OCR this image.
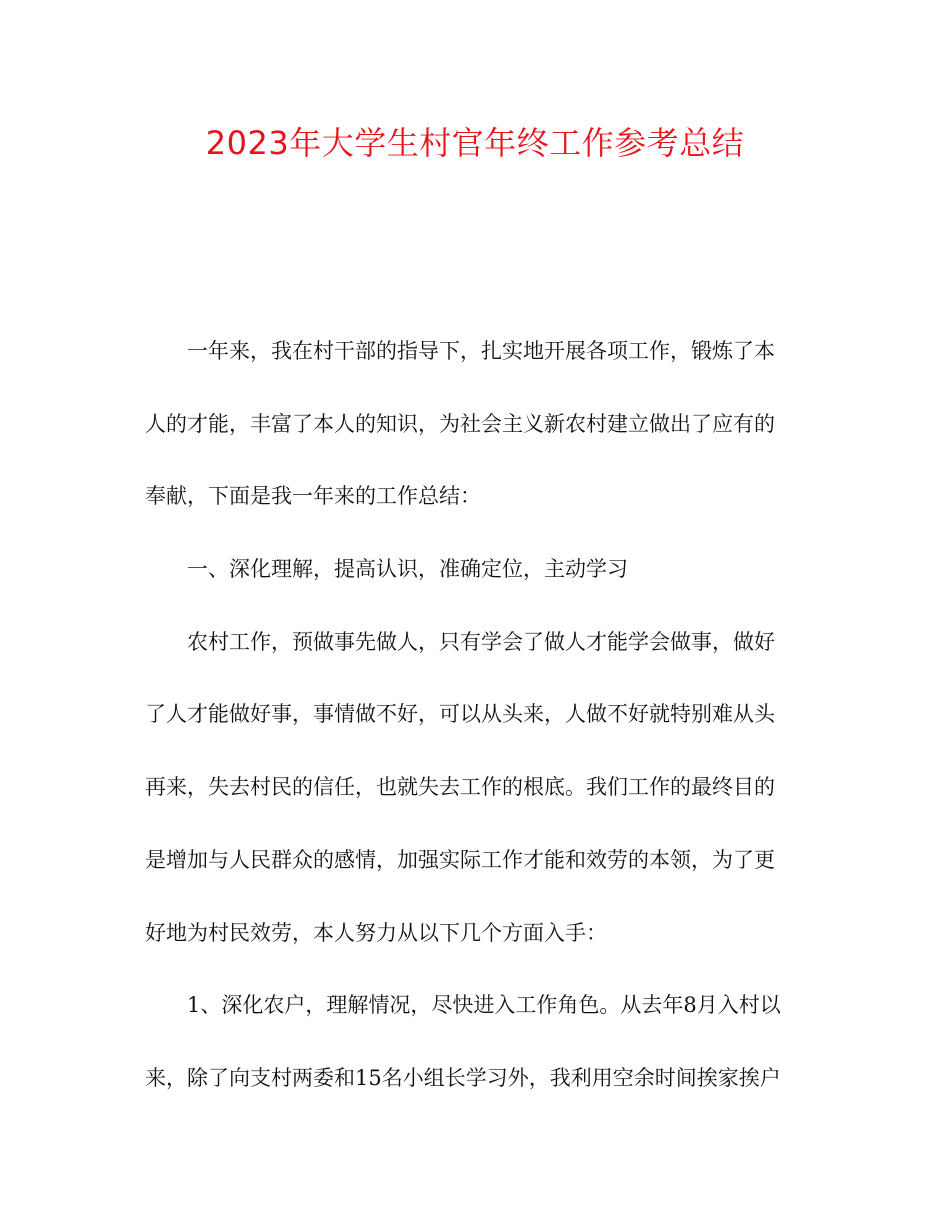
2023年大学生村官年终工作参考总结
一年来，我在村干部的指导下，扎实地开展各项工作，锻炼了本
人的才能，丰富了本人的知识，为社会主义新农村建立做出了应有的
奉献，下面是我一年来的工作总结：
一、深化理解，提高认识，准确定位，主动学习
农村工作，预做事先做人，只有学会了做人才能学会做事，做好
了人才能做好事，事情做不好，可以从头来，人做不好就特别难从头
再来，失去村民的信任，也就失去工作的根底。我们工作的最终目的
是增加与人民群众的感情，加强实际工作才能和效劳的本领，为了更
好地为村民效劳，本人努力从以下几个方面入手：
1、深化农户，理解情况，尽快进入工作角色。从去年8月入村以
来，除了向支村两委和15名小组长学习外，我利用空余时间挨家挨户
